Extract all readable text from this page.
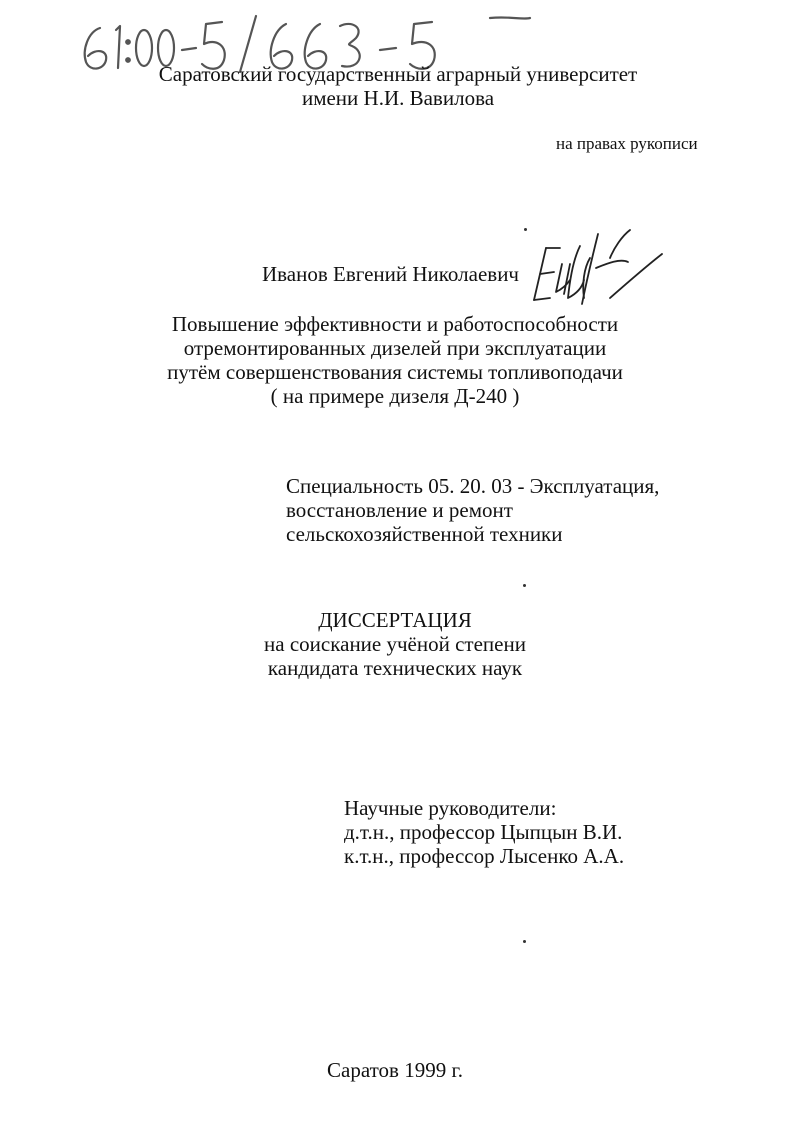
61:00-5/663-5	Саратовский государственный аграрный университет
имени Н.И. Вавилова
на правах рукописи
Иванов Евгений Николаевич
Ещ
Повышение эффективности и работоспособности
отремонтированных дизелей при эксплуатации
путём совершенствования системы топливоподачи
( на примере дизеля Д-240 )
Специальность 05. 20. 03 - Эксплуатация,
восстановление и ремонт
сельскохозяйственной техники
ДИССЕРТАЦИЯ
на соискание учёной степени
кандидата технических наук
Научные руководители:
д.т.н., профессор Цыпцын В.И.
к.т.н., профессор Лысенко А.А.
Саратов 1999 г.
